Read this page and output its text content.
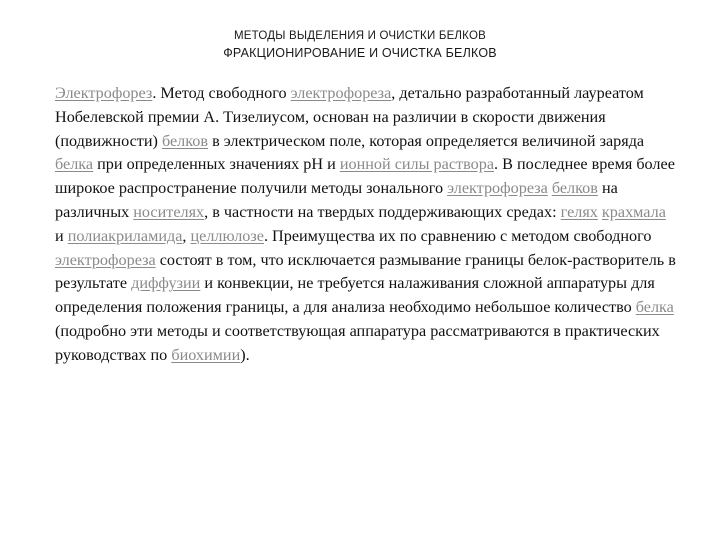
МЕТОДЫ ВЫДЕЛЕНИЯ И ОЧИСТКИ БЕЛКОВ
ФРАКЦИОНИРОВАНИЕ И ОЧИСТКА БЕЛКОВ

Электрофорез. Метод свободного электрофореза, детально разработанный лауреатом Нобелевской премии А. Тизелиусом, основан на различии в скорости движения (подвижности) белков в электрическом поле, которая определяется величиной заряда белка при определенных значениях pH и ионной силы раствора. В последнее время более широкое распространение получили методы зонального электрофореза белков на различных носителях, в частности на твердых поддерживающих средах: гелях крахмала и полиакриламида, целлюлозе. Преимущества их по сравнению с методом свободного электрофореза состоят в том, что исключается размывание границы белок-растворитель в результате диффузии и конвекции, не требуется налаживания сложной аппаратуры для определения положения границы, а для анализа необходимо небольшое количество белка (подробно эти методы и соответствующая аппаратура рассматриваются в практических руководствах по биохимии).
